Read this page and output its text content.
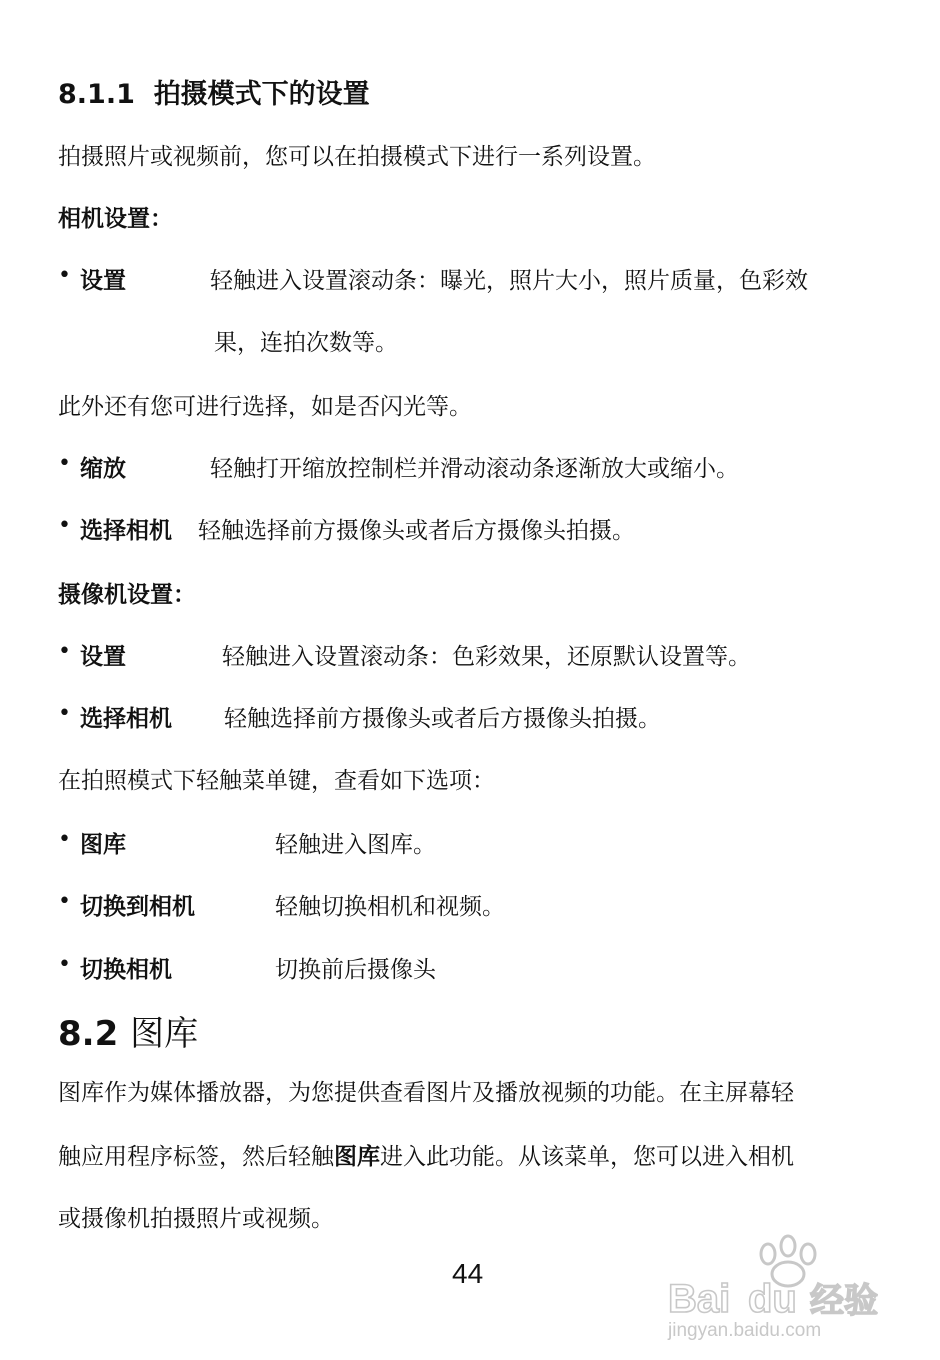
8.1.1 拍摄模式下的设置
拍摄照片或视频前，您可以在拍摄模式下进行一系列设置。
相机设置：
• 设置	轻触进入设置滚动条：曝光，照片大小，照片质量，色彩效
果，连拍次数等。
此外还有您可进行选择，如是否闪光等。
• 缩放	轻触打开缩放控制栏并滑动滚动条逐渐放大或缩小。
• 选择相机 轻触选择前方摄像头或者后方摄像头拍摄。
摄像机设置：
• 设置	轻触进入设置滚动条：色彩效果，还原默认设置等。
• 选择相机 轻触选择前方摄像头或者后方摄像头拍摄。
在拍照模式下轻触菜单键，查看如下选项：
• 图库	轻触进入图库。
• 切换到相机	轻触切换相机和视频。
• 切换相机	切换前后摄像头
8.2 图库
图库作为媒体播放器，为您提供查看图片及播放视频的功能。在主屏幕轻
触应用程序标签，然后轻触图库进入此功能。从该菜单，您可以进入相机
或摄像机拍摄照片或视频。
44
Bai du 经验
jingyan.baidu.com
